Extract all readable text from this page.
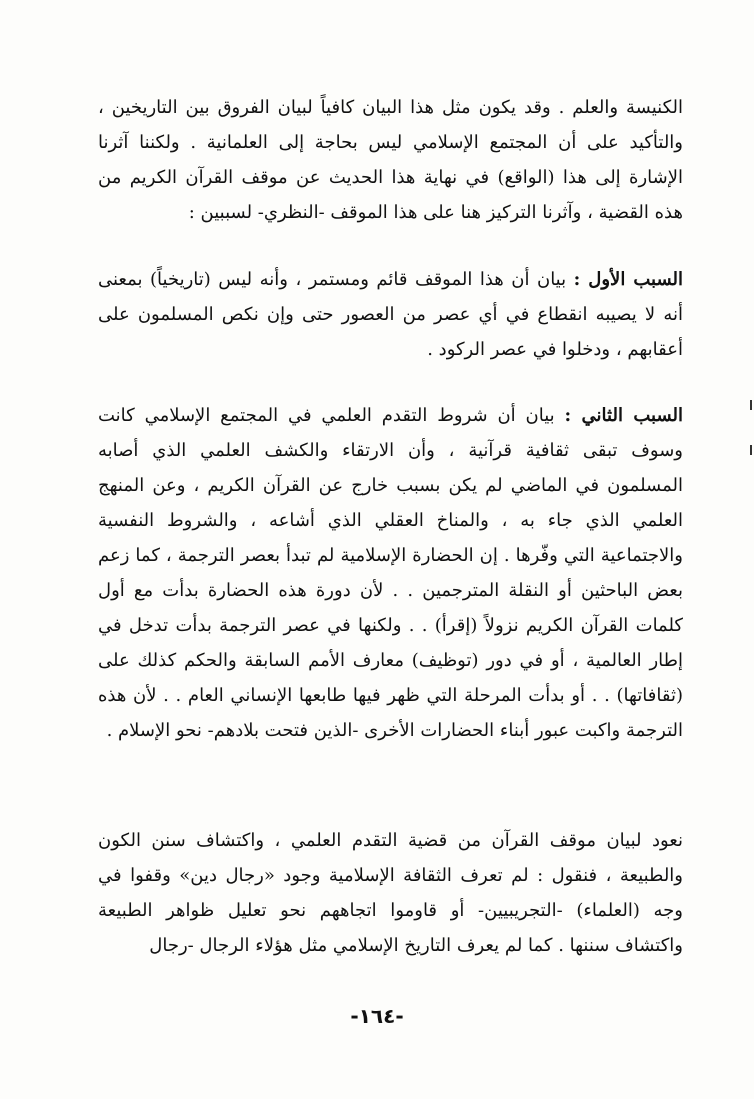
الكنيسة والعلم . وقد يكون مثل هذا البيان كافياً لبيان الفروق بين التاريخين ، والتأكيد على أن المجتمع الإسلامي ليس بحاجة إلى العلمانية . ولكننا آثرنا الإشارة إلى هذا (الواقع) في نهاية هذا الحديث عن موقف القرآن الكريم من هذه القضية ، وآثرنا التركيز هنا على هذا الموقف -النظري- لسببين :

السبب الأول : بيان أن هذا الموقف قائم ومستمر ، وأنه ليس (تاريخياً) بمعنى أنه لا يصيبه انقطاع في أي عصر من العصور حتى وإن نكص المسلمون على أعقابهم ، ودخلوا في عصر الركود .

السبب الثاني : بيان أن شروط التقدم العلمي في المجتمع الإسلامي كانت وسوف تبقى ثقافية قرآنية ، وأن الارتقاء والكشف العلمي الذي أصابه المسلمون في الماضي لم يكن بسبب خارج عن القرآن الكريم ، وعن المنهج العلمي الذي جاء به ، والمناخ العقلي الذي أشاعه ، والشروط النفسية والاجتماعية التي وفّرها . إن الحضارة الإسلامية لم تبدأ بعصر الترجمة ، كما زعم بعض الباحثين أو النقلة المترجمين . . لأن دورة هذه الحضارة بدأت مع أول كلمات القرآن الكريم نزولاً (إقرأ) . . ولكنها في عصر الترجمة بدأت تدخل في إطار العالمية ، أو في دور (توظيف) معارف الأمم السابقة والحكم كذلك على (ثقافاتها) . . أو بدأت المرحلة التي ظهر فيها طابعها الإنساني العام . . لأن هذه الترجمة واكبت عبور أبناء الحضارات الأخرى -الذين فتحت بلادهم- نحو الإسلام .

نعود لبيان موقف القرآن من قضية التقدم العلمي ، واكتشاف سنن الكون والطبيعة ، فنقول : لم تعرف الثقافة الإسلامية وجود «رجال دين» وقفوا في وجه (العلماء) -التجريبيين- أو قاوموا اتجاههم نحو تعليل ظواهر الطبيعة واكتشاف سننها . كما لم يعرف التاريخ الإسلامي مثل هؤلاء الرجال -رجال

-١٦٤-
